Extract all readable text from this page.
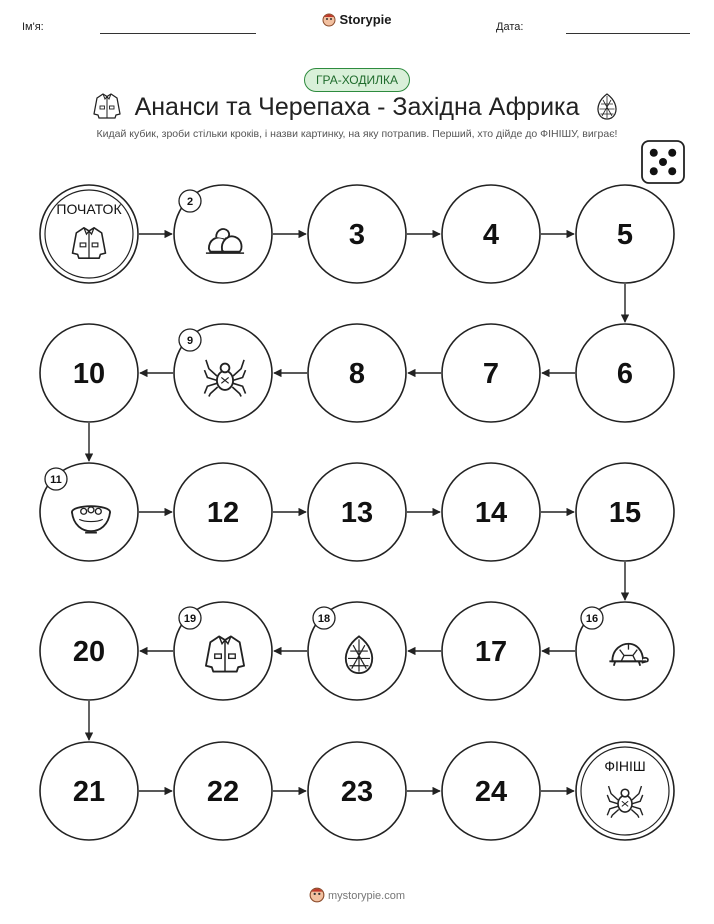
Ім'я:	Storypie	Дата:
ГРА-ХОДИЛКА
Ананси та Черепаха - Західна Африка
Кидай кубик, зроби стільки кроків, і назви картинку, на яку потрапив. Перший, хто дійде до ФІНІШУ, виграє!
ПОЧАТОК	2
3	4	5
6
7
8
9
10
11
12	13	14	15
16
17
18
19
20
21	22	23	24
ФІНІШ
mystorypie.com
